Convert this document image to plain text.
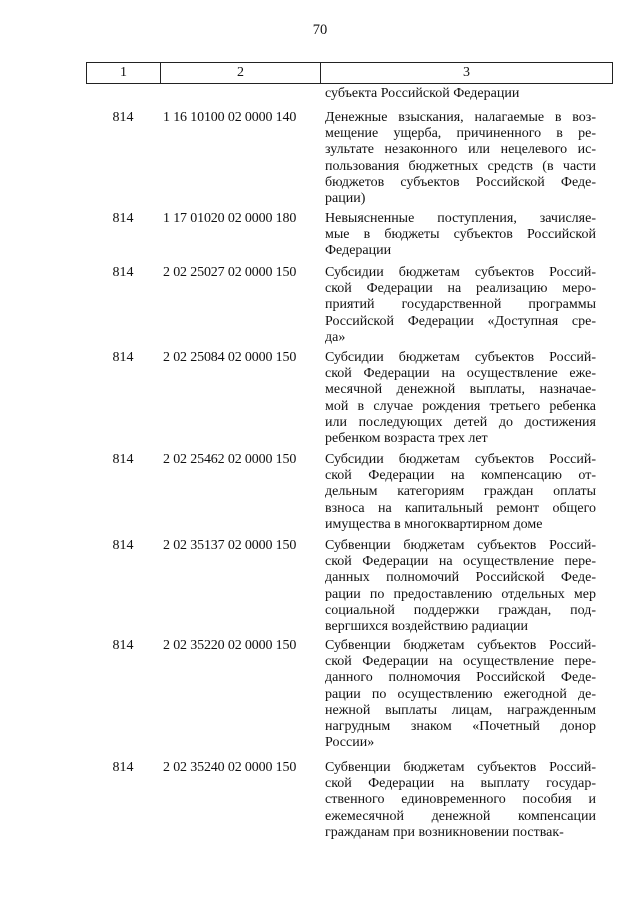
70
1	2	3
субъекта Российской Федерации
814	1 16 10100 02 0000 140	Денежные взыскания, налагаемые в воз-
мещение ущерба, причиненного в ре-
зультате незаконного или нецелевого ис-
пользования бюджетных средств (в части
бюджетов субъектов Российской Феде-
рации)
814	1 17 01020 02 0000 180	Невыясненные поступления, зачисляе-
мые в бюджеты субъектов Российской
Федерации
814	2 02 25027 02 0000 150	Субсидии бюджетам субъектов Россий-
ской Федерации на реализацию меро-
приятий государственной программы
Российской Федерации «Доступная сре-
да»
814	2 02 25084 02 0000 150	Субсидии бюджетам субъектов Россий-
ской Федерации на осуществление еже-
месячной денежной выплаты, назначае-
мой в случае рождения третьего ребенка
или последующих детей до достижения
ребенком возраста трех лет
814	2 02 25462 02 0000 150	Субсидии бюджетам субъектов Россий-
ской Федерации на компенсацию от-
дельным категориям граждан оплаты
взноса на капитальный ремонт общего
имущества в многоквартирном доме
814	2 02 35137 02 0000 150	Субвенции бюджетам субъектов Россий-
ской Федерации на осуществление пере-
данных полномочий Российской Феде-
рации по предоставлению отдельных мер
социальной поддержки граждан, под-
вергшихся воздействию радиации
814	2 02 35220 02 0000 150	Субвенции бюджетам субъектов Россий-
ской Федерации на осуществление пере-
данного полномочия Российской Феде-
рации по осуществлению ежегодной де-
нежной выплаты лицам, награжденным
нагрудным знаком «Почетный донор
России»
814	2 02 35240 02 0000 150	Субвенции бюджетам субъектов Россий-
ской Федерации на выплату государ-
ственного единовременного пособия и
ежемесячной денежной компенсации
гражданам при возникновении поствак-
